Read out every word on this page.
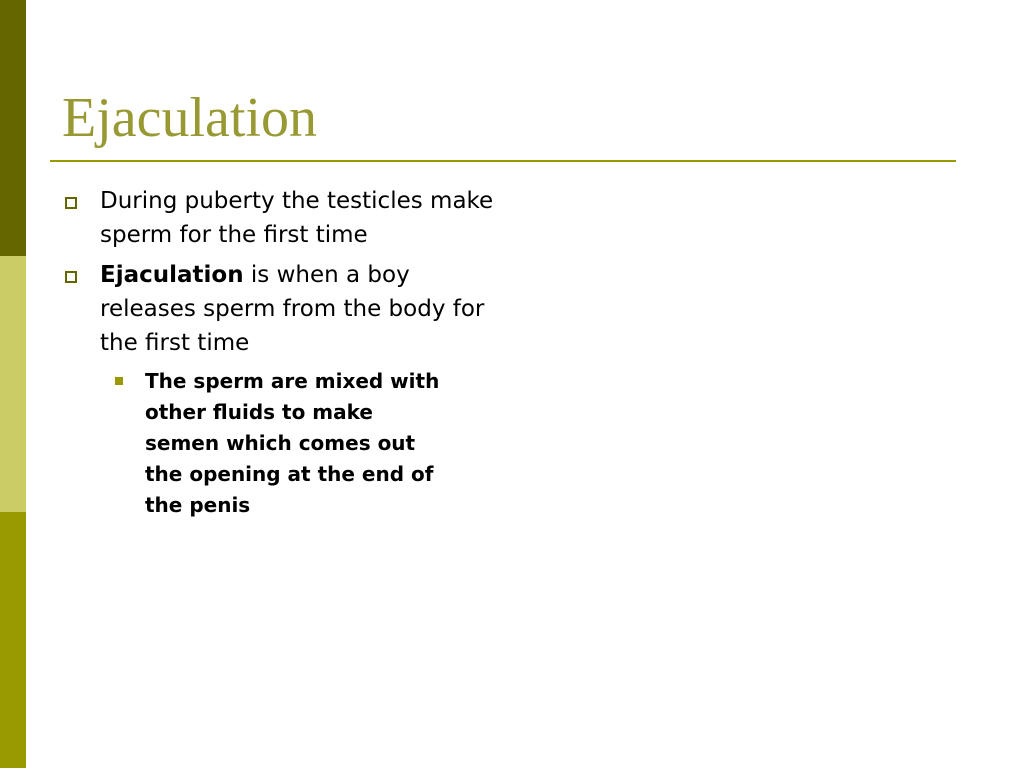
Ejaculation
During puberty the testicles make sperm for the first time
Ejaculation is when a boy releases sperm from the body for the first time
The sperm are mixed with other fluids to make semen which comes out the opening at the end of the penis
